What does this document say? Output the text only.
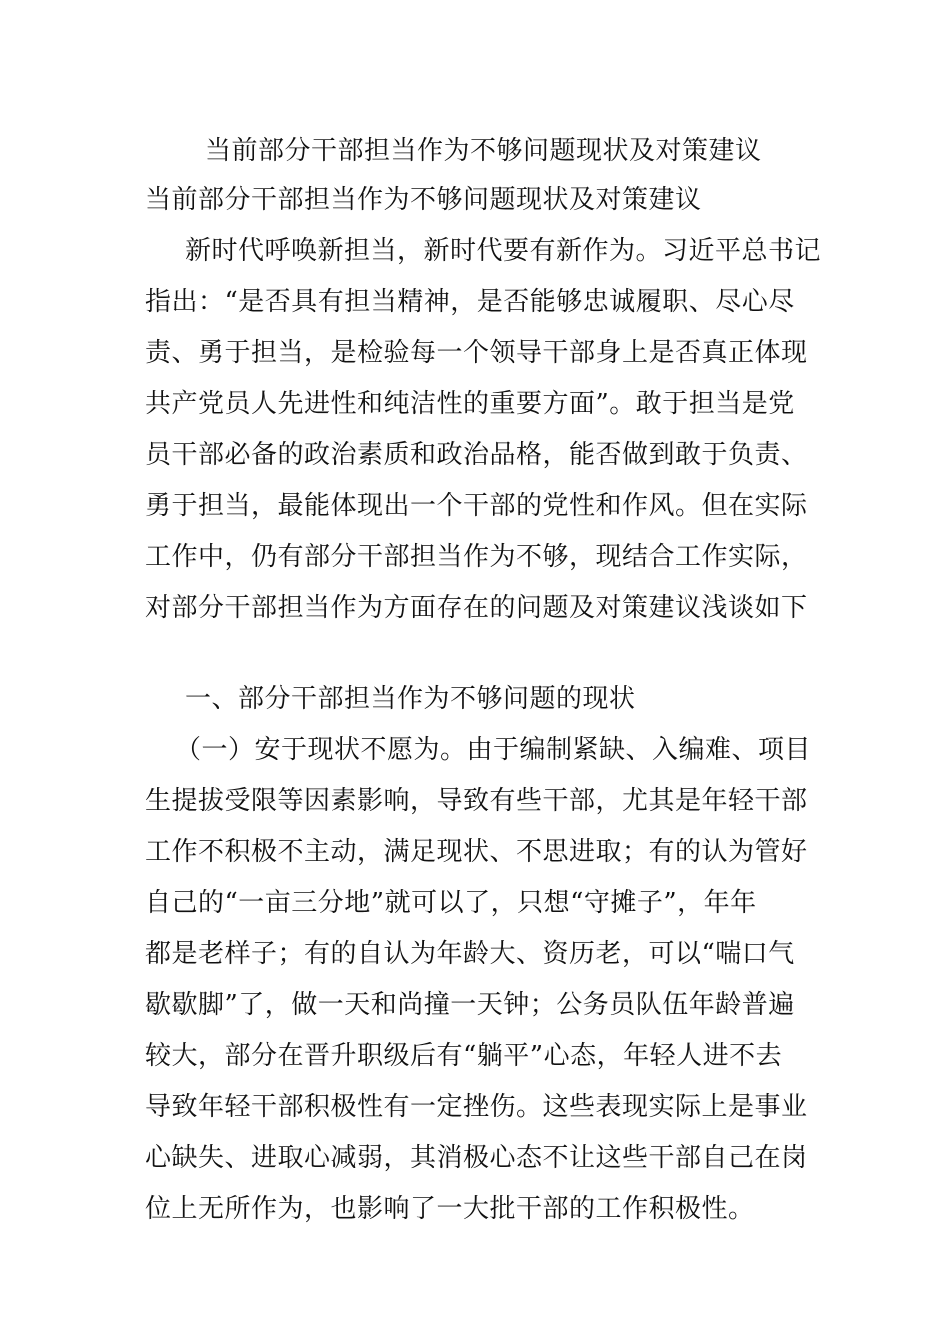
当前部分干部担当作为不够问题现状及对策建议
当前部分干部担当作为不够问题现状及对策建议
新时代呼唤新担当，新时代要有新作为。习近平总书记
指出：“是否具有担当精神，是否能够忠诚履职、尽心尽
责、勇于担当，是检验每一个领导干部身上是否真正体现
共产党员人先进性和纯洁性的重要方面”。敢于担当是党
员干部必备的政治素质和政治品格，能否做到敢于负责、
勇于担当，最能体现出一个干部的党性和作风。但在实际
工作中，仍有部分干部担当作为不够，现结合工作实际，
对部分干部担当作为方面存在的问题及对策建议浅谈如下
一、部分干部担当作为不够问题的现状
（一）安于现状不愿为。由于编制紧缺、入编难、项目
生提拔受限等因素影响，导致有些干部，尤其是年轻干部
工作不积极不主动，满足现状、不思进取；有的认为管好
自己的“一亩三分地”就可以了，只想“守摊子”，年年
都是老样子；有的自认为年龄大、资历老，可以“喘口气
歇歇脚”了，做一天和尚撞一天钟；公务员队伍年龄普遍
较大，部分在晋升职级后有“躺平”心态，年轻人进不去
导致年轻干部积极性有一定挫伤。这些表现实际上是事业
心缺失、进取心减弱，其消极心态不让这些干部自己在岗
位上无所作为，也影响了一大批干部的工作积极性。
